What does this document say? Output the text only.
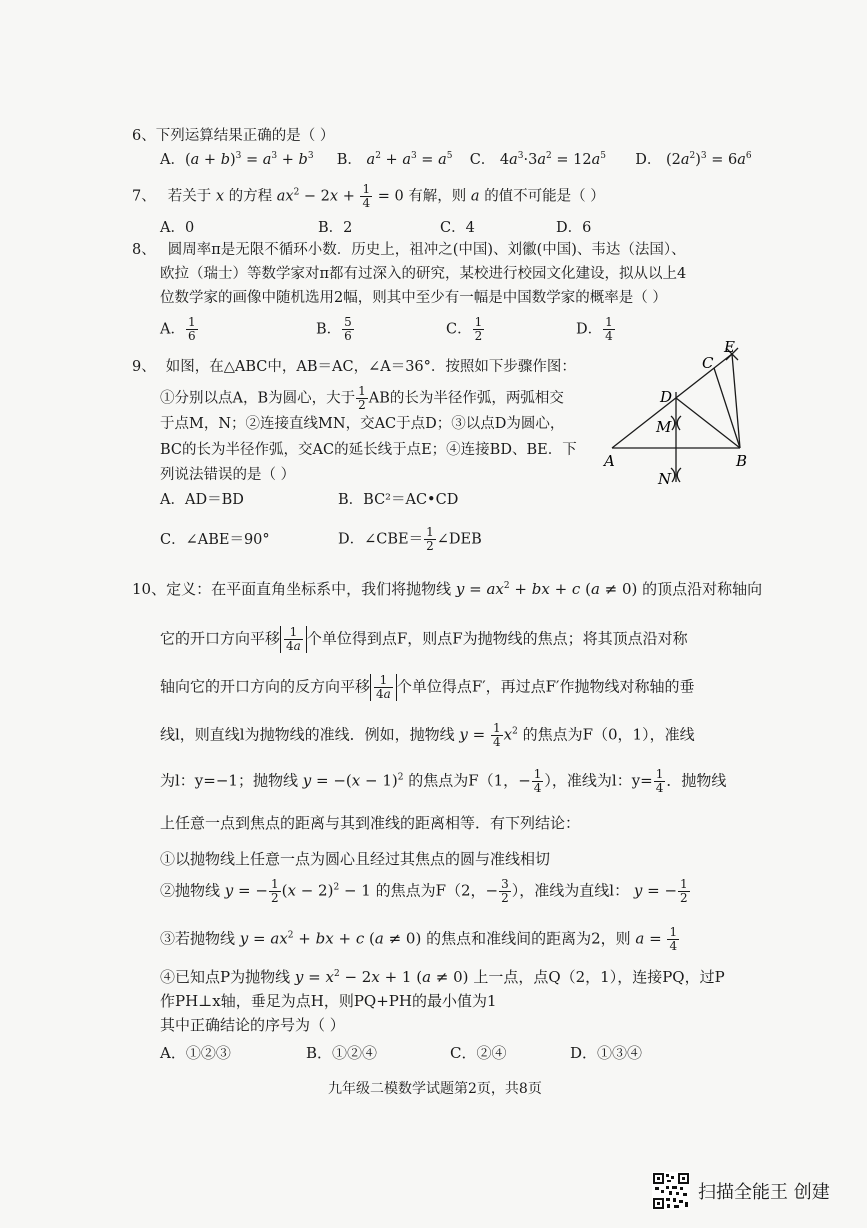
6、下列运算结果正确的是（ ）
A．$(a + b)^3 = a^3 + b^3$ B． $a^2 + a^3 = a^5$ C． $4a^3\cdot 3a^2 = 12a^5$ D． $(2a^2)^3 = 6a^6$
7、 若关于 x 的方程 $ax^2 - 2x + \frac{1}{4} = 0$ 有解，则 a 的值不可能是（ ）
A．0	B．2	C．4	D．6
8、 圆周率π是无限不循环小数．历史上，祖冲之(中国)、刘徽(中国)、韦达（法国）、
欧拉（瑞士）等数学家对π都有过深入的研究，某校进行校园文化建设，拟从以上4
位数学家的画像中随机选用2幅，则其中至少有一幅是中国数学家的概率是（ ）
A． $\frac{1}{6}$	B． $\frac{5}{6}$	C． $\frac{1}{2}$	D． $\frac{1}{4}$
9、 如图，在△ABC中，AB＝AC，∠A＝36°．按照如下步骤作图：
①分别以点A，B为圆心，大于 $\frac{1}{2}$ AB的长为半径作弧，两弧相交
于点M，N；②连接直线MN，交AC于点D；③以点D为圆心，
BC的长为半径作弧，交AC的延长线于点E；④连接BD、BE．下
列说法错误的是（ ）
A．AD＝BD	B．BC²＝AC•CD
C．∠ABE＝90°	D．∠CBE＝ $\frac{1}{2}$ ∠DEB
E
C
D
M
A	B
N
10、定义：在平面直角坐标系中，我们将抛物线 $y = ax^2$ + bx + c (a ≠ 0) 的顶点沿对称轴向
它的开口方向平移 $\frac{1}{4a}$ 个单位得到点F，则点F为抛物线的焦点；将其顶点沿对称
轴向它的开口方向的反方向平移 $\frac{1}{4a}$ 个单位得点F′，再过点F′作抛物线对称轴的垂
线l，则直线l为抛物线的准线．例如，抛物线 $y = \frac{1}{4} x^2$ 的焦点为F（0，1），准线
为l：y=−1；抛物线 $y = -(x - 1)^2$ 的焦点为F（1，− $\frac{1}{4}$ ），准线为l：$y= \frac{1}{4}$ ．抛物线
上任意一点到焦点的距离与其到准线的距离相等．有下列结论：
①以抛物线上任意一点为圆心且经过其焦点的圆与准线相切
②抛物线 y = − $\frac{1}{2} (x - 2)^2 - 1$ 的焦点为F（2，− $\frac{3}{2}$ ），准线为直线l： y = − $\frac{1}{2}$
③若抛物线 $y = ax^2$ + bx + c (a ≠ 0) 的焦点和准线间的距离为2，则 $a = \frac{1}{4}$
④已知点P为抛物线 $y = x^2 - 2x + 1$ (a ≠ 0) 上一点，点Q（2，1），连接PQ，过P
作PH⊥x轴，垂足为点H，则PQ+PH的最小值为1
其中正确结论的序号为（ ）
A．①②③	B．①②④	C．②④	D．①③④
九年级二模数学试题第2页，共8页
扫描全能王 创建
